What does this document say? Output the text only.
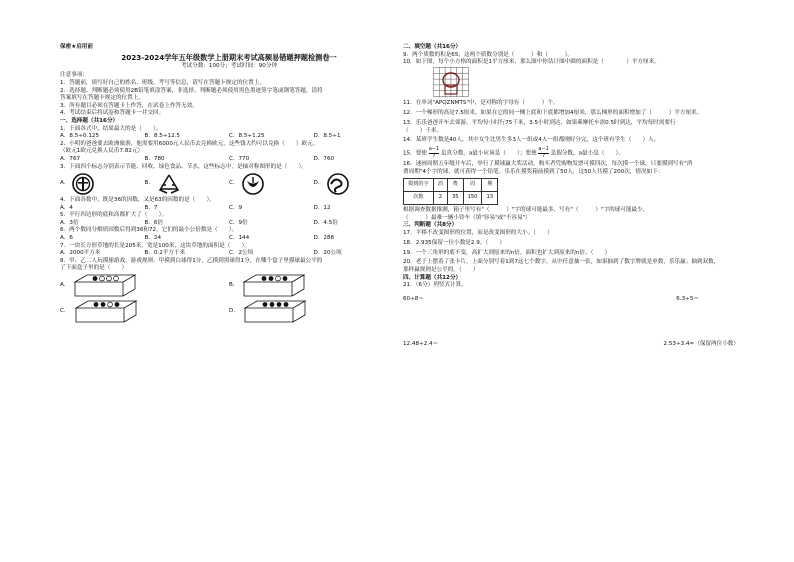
保密★启用前
2023-2024学年五年级数学上册期末考试高频易错题押题检测卷一
考试分数：100分；考试时间：90分钟
注意事项：
1．答题前，填写好自己的姓名、班级、考号等信息，请写在答题卡规定的位置上。
2．选择题、判断题必须使用2B铅笔填涂答案，非选择、判断题必须使用黑色墨迹签字笔或钢笔答题，请将
答案填写在答题卡规定的位置上。
3．所有题目必须在答题卡上作答，在试卷上作答无效。
4．考试结束后将试卷和答题卡一并交回。
一、选择题（共16分）
1．下面各式中，结果最大的是（　　）。
A．8.5÷0.125	B．8.5÷12.5	C．8.5÷1.25	D．8.5÷1
2．小明的爸爸要去欧洲旅游，他需要用6000元人民币去兑换欧元，这些钱大约可以兑换（　　）欧元。
（欧元1欧元兑换人民币7.82元）
A．767	B．780	C．770	D．760
3．下面四个标志分别表示节能、回收、绿色食品、节水，这些标志中，是轴对称图形的是（　　）。
A．	B．	C．	D．
4．下面各数中，既是36的因数，又是63的因数的是（　　）。
A．4	B．7	C．9	D．12
5．平行四边形的底和高都扩大了（　　）。
A．3倍	B．6倍	C．9倍	D．4.5倍
6．两个数同分解质因数后得到36和72，它们的最小公倍数是（　　）。
A．6	B．24	C．144	D．288
7．一块长方形草地的长是205米，宽是100米，这块草地的面积是（　　）。
A．2000平方米	B．0.2平方千米	C．2公顷	D．20公顷
8．甲、乙二人玩摸球游戏，游戏规则：甲摸到白球得1分，乙摸到黑球得1分，在哪个盒子里摸球最公平的
了下面盒子里的是（　　）
A．	B．
C．	D．
二、填空题（共16分）
9．两个质数的积是65，这两个质数分别是（　　　）和（　　　）。
10．如下图，每个小方格的面积是1平方厘米，那么图中你估计图中圆的面积是（　　　　）平方厘米。
11．在单词"APQZNMTS"中，是对称的字母有（　　　）个。
12．一个梯形的高是7.5厘米，如果在它的同一侧上底和下底都增加4厘米，那么梯形的面积增加了（　　　）平方厘米。
13．乐乐爸爸开车去郊游，平均每小时行75千米，3.5小时到达，如果乘摩托车需0.5时到达，平均每时需要行
（　　）千米。
14．某班学生数是40人，其中女生比男生多3人一组或4人一组都刚好分完，这个班有学生（　　）人。
15．要使 $\frac{a-1}{7}$ 是真分数，a最小应该是（　　）；要使 $\frac{a-1}{7}$ 是假分数，a最小是（　　）。
16．迷画周期五年级开车后，举行了摸球赢大奖活动，购买者凭购物发票可摸四次，每次摸一个球，只要摸到写有"消
费周期"4个字的球，就可获得一个铅笔。乐乐在摸奖箱前摸到了50人，这50人共摸了200次，情况如下：
摸到的字	消	费	周	期
次数	2	35	150	13
根据调查数据推测，箱子里写有"（　　　）"字的球可能最多，写有"（　　　）"字的球可能最少，
（　　　）最难一辆小铃车（填"容易"或"不容易"）
三、判断题（共8分）
17．平移不改变图形的位置，而是改变图形的大小。（　　）
18．2.935保留一位小数是2.9。（　　）
19．一个三角形的底不变，高扩大到原来的n倍，面积也扩大到原来的n倍。（　　）
20．老子上摆着了张卡片，上面分别写着1到7这七个数字。从中任意抽一张，如果抽到了数字牌就是单数，乐乐赢；抽到双数，
那样赢规则是公平的。（　　）
四、计算题（共12分）
21．（6分）列竖式计算。
60÷8＝	6.3÷5＝
12.48÷2.4＝	2.53÷3.4≈（保留两位小数）
